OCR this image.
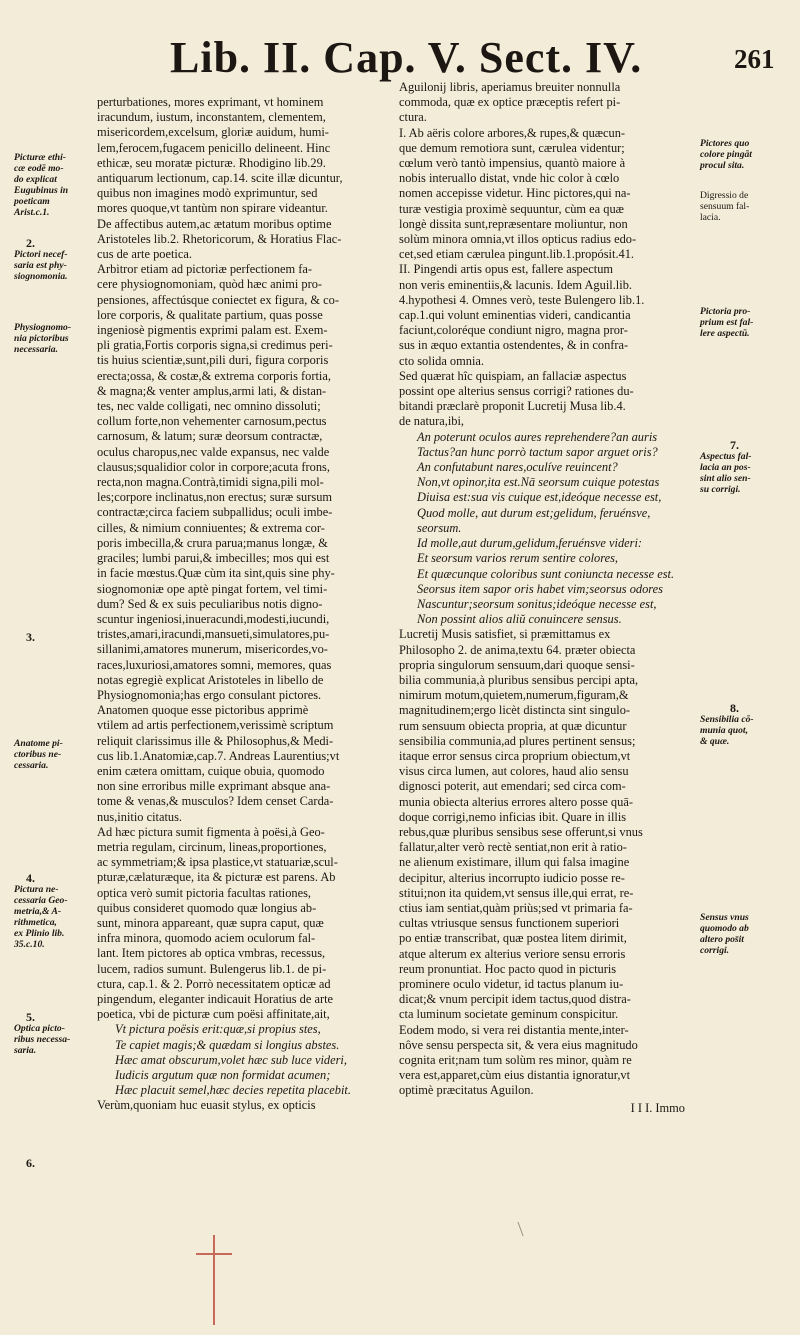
Lib. II. Cap. V. Sect. IV.	261
Picturæ ethi-
cæ eodē mo-
do explicat
Eugubinus in
poeticam
Arist.c.1.
2.
Pictori necef-
saria est phy-
siognomonia.
Physiognomo-
nia pictoribus
necessaria.
3.
Anatome pi-
ctoribus ne-
cessaria.
4.
Pictura ne-
cessaria Geo-
metria,& A-
rithmetica,
ex Plinio lib.
35.c.10.
5.
Optica picto-
ribus necessa-
saria.
6.
Pictores quo
colore pingāt
procul sita.
Digressio de
sensuum fal-
lacia.
Pictoria pro-
prium est fal-
lere aspectū.
7.
Aspectus fal-
lacia an pos-
sint alio sen-
su corrigi.
8.
Sensibilia cō-
munia quot,
& quæ.
Sensus vnus
quomodo ab
altero pos̄it
corrigi.
perturbationes, mores exprimant, vt hominem
iracundum, iustum, inconstantem, clementem,
misericordem,excelsum, gloriæ auidum, humi-
lem,ferocem,fugacem penicillo delineent. Hinc
ethicæ, seu moratæ picturæ. Rhodigino lib.29.
antiquarum lectionum, cap.14. scite illæ dicuntur,
quibus non imagines modò exprimuntur, sed
mores quoque,vt tantùm non spirare videantur.
De affectibus autem,ac ætatum moribus optime
Aristoteles lib.2. Rhetoricorum, & Horatius Flac-
cus de arte poetica.
Arbitror etiam ad pictoriæ perfectionem fa-
cere physiognomoniam, quòd hæc animi pro-
pensiones, affectúsque coniectet ex figura, & co-
lore corporis, & qualitate partium, quas posse
ingeniosè pigmentis exprimi palam est. Exem-
pli gratia,Fortis corporis signa,si credimus peri-
tis huius scientiæ,sunt,pili duri, figura corporis
erecta;ossa, & costæ,& extrema corporis fortia,
& magna;& venter amplus,armi lati, & distan-
tes, nec valde colligati, nec omnino dissoluti;
collum forte,non vehementer carnosum,pectus
carnosum, & latum; suræ deorsum contractæ,
oculus charopus,nec valde expansus, nec valde
clausus;squalidior color in corpore;acuta frons,
recta,non magna.Contrà,timidi signa,pili mol-
les;corpore inclinatus,non erectus; suræ sursum
contractæ;circa faciem subpallidus; oculi imbe-
cilles, & nimium conniuentes; & extrema cor-
poris imbecilla,& crura parua;manus longæ, &
graciles; lumbi parui,& imbecilles; mos qui est
in facie mœstus.Quæ cùm ita sint,quis sine phy-
siognomoniæ ope aptè pingat fortem, vel timi-
dum? Sed & ex suis peculiaribus notis digno-
scuntur ingeniosi,inueracundi,modesti,iucundi,
tristes,amari,iracundi,mansueti,simulatores,pu-
sillanimi,amatores munerum, misericordes,vo-
races,luxuriosi,amatores somni, memores, quas
notas egregiè explicat Aristoteles in libello de
Physiognomonia;has ergo consulant pictores.
Anatomen quoque esse pictoribus apprimè
vtilem ad artis perfectionem,verissimè scriptum
reliquit clarissimus ille & Philosophus,& Medi-
cus lib.1.Anatomiæ,cap.7. Andreas Laurentius;vt
enim cætera omittam, cuique obuia, quomodo
non sine erroribus mille exprimant absque ana-
tome & venas,& musculos? Idem censet Carda-
nus,initio citatus.
Ad hæc pictura sumit figmenta à poësi,à Geo-
metria regulam, circinum, lineas,proportiones,
ac symmetriam;& ipsa plastice,vt statuariæ,scul-
pturæ,cælaturæque, ita & picturæ est parens. Ab
optica verò sumit pictoria facultas rationes,
quibus consideret quomodo quæ longius ab-
sunt, minora appareant, quæ supra caput, quæ
infra minora, quomodo aciem oculorum fal-
lant. Item pictores ab optica vmbras, recessus,
lucem, radios sumunt. Bulengerus lib.1. de pi-
ctura, cap.1. & 2. Porrò necessitatem opticæ ad
pingendum, eleganter indicauit Horatius de arte
poetica, vbi de picturæ cum poësi affinitate,ait,
Vt pictura poësis erit:quæ,si propius stes,
Te capiet magis;& quædam si longius abstes.
Hæc amat obscurum,volet hæc sub luce videri,
Iudicis argutum quæ non formidat acumen;
Hæc placuit semel,hæc decies repetita placebit.

Verùm,quoniam huc euasit stylus, ex opticis

Aguilonij libris, aperiamus breuiter nonnulla
commoda, quæ ex optice præceptis refert pi-
ctura.
I. Ab aëris colore arbores,& rupes,& quæcun-
que demum remotiora sunt, cærulea videntur;
cœlum verò tantò impensius, quantò maiore à
nobis interuallo distat, vnde hic color à cœlo
nomen accepisse videtur. Hinc pictores,qui na-
turæ vestigia proximè sequuntur, cùm ea quæ
longè dissita sunt,repræsentare moliuntur, non
solùm minora omnia,vt illos opticus radius edo-
cet,sed etiam cærulea pingunt.lib.1.propósit.41.
II. Pingendi artis opus est, fallere aspectum
non veris eminentiis,& lacunis. Idem Aguil.lib.
4.hypothesi 4. Omnes verò, teste Bulengero lib.1.
cap.1.qui volunt eminentias videri, candicantia
faciunt,coloréque condiunt nigro, magna pror-
sus in æquo extantia ostendentes, & in confra-
cto solida omnia.
Sed quærat hîc quispiam, an fallaciæ aspectus
possint ope alterius sensus corrigi? rationes du-
bitandi præclarè proponit Lucretij Musa lib.4.
de natura,ibi,
An poterunt oculos aures reprehendere?an auris
Tactus?an hunc porrò tactum sapor arguet oris?
An confutabunt nares,oculíve reuincent?
Non,vt opinor,ita est.Nā seorsum cuique potestas
Diuisa est:sua vis cuique est,ideóque necesse est,
Quod molle, aut durum est;gelidum, feruénsve,
seorsum.
Id molle,aut durum,gelidum,feruénsve videri:
Et seorsum varios rerum sentire colores,
Et quæcunque coloribus sunt coniuncta necesse est.
Seorsus item sapor oris habet vim;seorsus odores
Nascuntur;seorsum sonitus;ideóque necesse est,
Non possint alios aliŭ conuincere sensus.
Lucretij Musis satisfiet, si præmittamus ex
Philosopho 2. de anima,textu 64. præter obiecta
propria singulorum sensuum,dari quoque sensi-
bilia communia,à pluribus sensibus percipi apta,
nimirum motum,quietem,numerum,figuram,&
magnitudinem;ergo licèt distincta sint singulo-
rum sensuum obiecta propria, at quæ dicuntur
sensibilia communia,ad plures pertinent sensus;
itaque error sensus circa proprium obiectum,vt
visus circa lumen, aut colores, haud alio sensu
dignosci poterit, aut emendari; sed circa com-
munia obiecta alterius errores altero posse quā-
doque corrigi,nemo inficias ibit. Quare in illis
rebus,quæ pluribus sensibus sese offerunt,si vnus
fallatur,alter verò rectè sentiat,non erit à ratio-
ne alienum existimare, illum qui falsa imagine
decipitur, alterius incorrupto iudicio posse re-
stitui;non ita quidem,vt sensus ille,qui errat, re-
ctius iam sentiat,quàm priùs;sed vt primaria fa-
cultas vtriusque sensus functionem superiori
po entiæ transcribat, quæ postea litem dirimit,
atque alterum ex alterius veriore sensu erroris
reum pronuntiat. Hoc pacto quod in picturis
prominere oculo videtur, id tactus planum iu-
dicat;& vnum percipit idem tactus,quod distra-
cta luminum societate geminum conspicitur.
Eodem modo, si vera rei distantia mente,inter-
nôve sensu perspecta sit, & vera eius magnitudo
cognita erit;nam tum solùm res minor, quàm re
vera est,apparet,cùm eius distantia ignoratur,vt
optimè præcitatus Aguilon.
I I I. Immo
